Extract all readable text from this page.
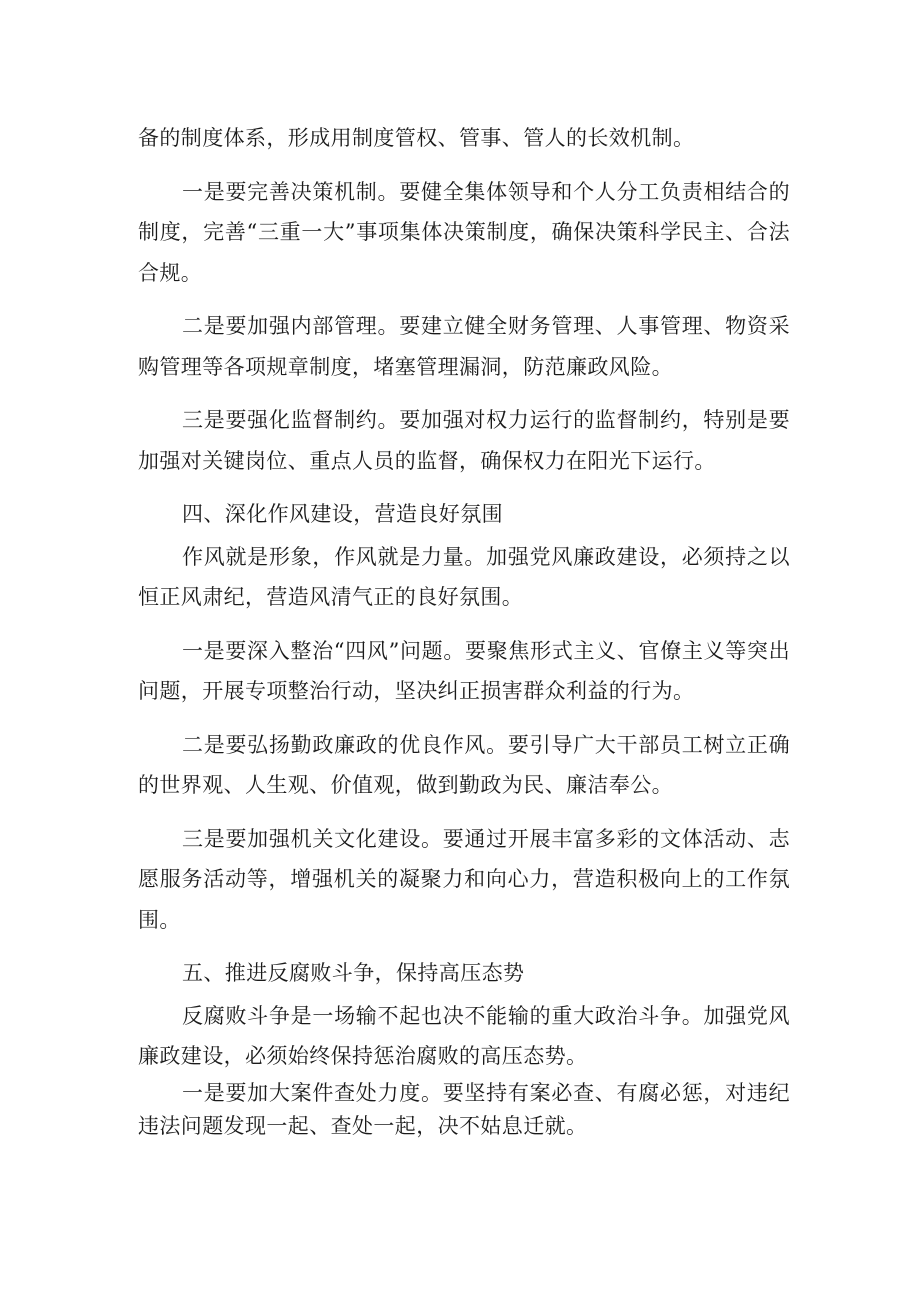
备的制度体系，形成用制度管权、管事、管人的长效机制。

一是要完善决策机制。要健全集体领导和个人分工负责相结合的制度，完善“三重一大”事项集体决策制度，确保决策科学民主、合法合规。

二是要加强内部管理。要建立健全财务管理、人事管理、物资采购管理等各项规章制度，堵塞管理漏洞，防范廉政风险。

三是要强化监督制约。要加强对权力运行的监督制约，特别是要加强对关键岗位、重点人员的监督，确保权力在阳光下运行。

四、深化作风建设，营造良好氛围

作风就是形象，作风就是力量。加强党风廉政建设，必须持之以恒正风肃纪，营造风清气正的良好氛围。

一是要深入整治“四风”问题。要聚焦形式主义、官僚主义等突出问题，开展专项整治行动，坚决纠正损害群众利益的行为。

二是要弘扬勤政廉政的优良作风。要引导广大干部员工树立正确的世界观、人生观、价值观，做到勤政为民、廉洁奉公。

三是要加强机关文化建设。要通过开展丰富多彩的文体活动、志愿服务活动等，增强机关的凝聚力和向心力，营造积极向上的工作氛围。

五、推进反腐败斗争，保持高压态势

反腐败斗争是一场输不起也决不能输的重大政治斗争。加强党风廉政建设，必须始终保持惩治腐败的高压态势。

一是要加大案件查处力度。要坚持有案必查、有腐必惩，对违纪违法问题发现一起、查处一起，决不姑息迁就。
